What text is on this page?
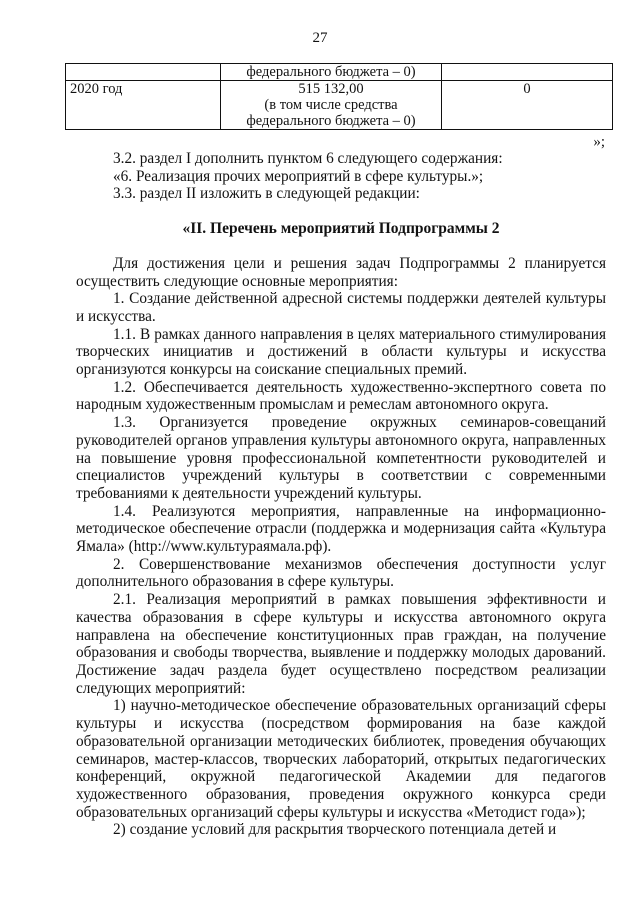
27

	федерального бюджета – 0)	

2020 год	515 132,00
(в том числе средства
федерального бюджета – 0)	0
»;

3.2. раздел I дополнить пунктом 6 следующего содержания:

«6. Реализация прочих мероприятий в сфере культуры.»;

3.3. раздел II изложить в следующей редакции:

«II. Перечень мероприятий Подпрограммы 2

Для достижения цели и решения задач Подпрограммы 2 планируется осуществить следующие основные мероприятия:

1. Создание действенной адресной системы поддержки деятелей культуры и искусства.

1.1. В рамках данного направления в целях материального стимулирования творческих инициатив и достижений в области культуры и искусства организуются конкурсы на соискание специальных премий.

1.2. Обеспечивается деятельность художественно-экспертного совета по народным художественным промыслам и ремеслам автономного округа.

1.3. Организуется проведение окружных семинаров-совещаний руководителей органов управления культуры автономного округа, направленных на повышение уровня профессиональной компетентности руководителей и специалистов учреждений культуры в соответствии с современными требованиями к деятельности учреждений культуры.

1.4. Реализуются мероприятия, направленные на информационно-методическое обеспечение отрасли (поддержка и модернизация сайта «Культура Ямала» (http://www.культураямала.рф).

2. Совершенствование механизмов обеспечения доступности услуг дополнительного образования в сфере культуры.

2.1. Реализация мероприятий в рамках повышения эффективности и качества образования в сфере культуры и искусства автономного округа направлена на обеспечение конституционных прав граждан, на получение образования и свободы творчества, выявление и поддержку молодых дарований. Достижение задач раздела будет осуществлено посредством реализации следующих мероприятий:

1) научно-методическое обеспечение образовательных организаций сферы культуры и искусства (посредством формирования на базе каждой образовательной организации методических библиотек, проведения обучающих семинаров, мастер-классов, творческих лабораторий, открытых педагогических конференций, окружной педагогической Академии для педагогов художественного образования, проведения окружного конкурса среди образовательных организаций сферы культуры и искусства «Методист года»);

2) создание условий для раскрытия творческого потенциала детей и
